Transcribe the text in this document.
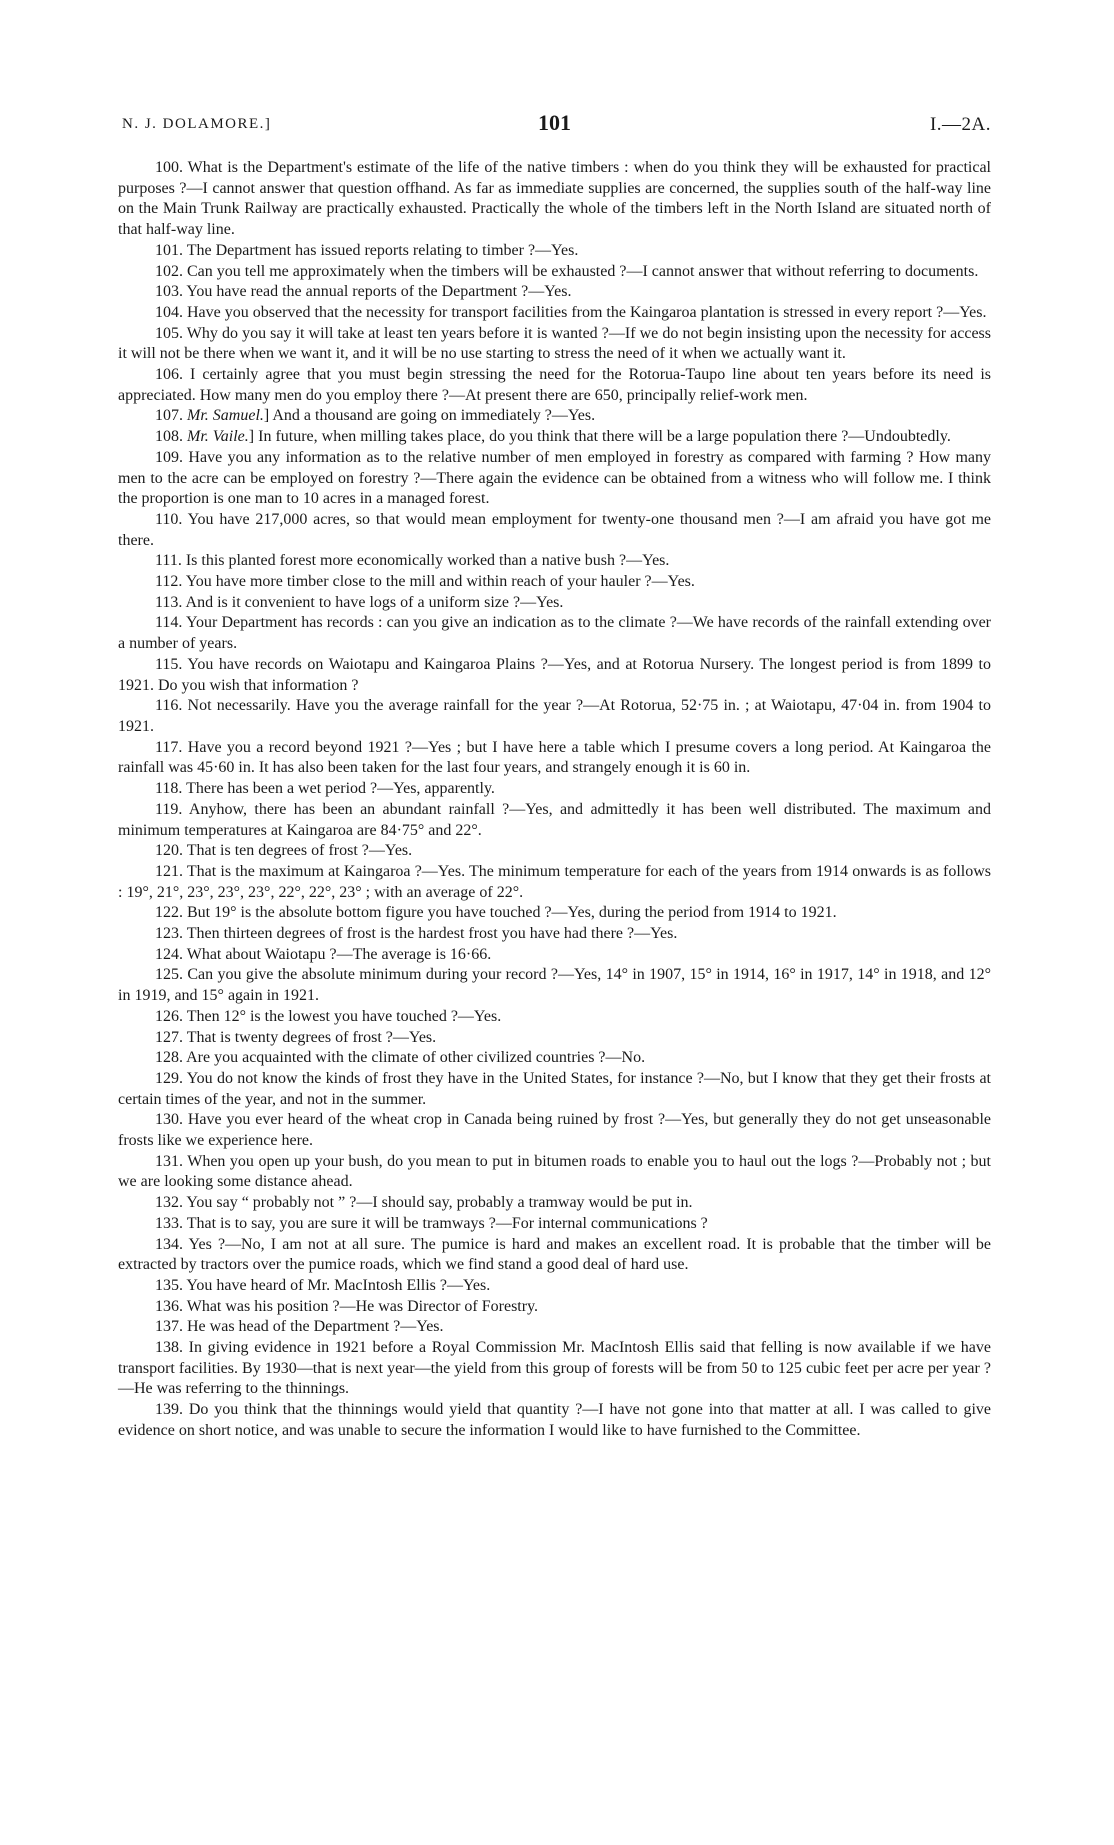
N. J. DOLAMORE.]	101	I.—2A.

100. What is the Department's estimate of the life of the native timbers : when do you think they will be exhausted for practical purposes ?—I cannot answer that question offhand. As far as immediate supplies are concerned, the supplies south of the half-way line on the Main Trunk Railway are practically exhausted. Practically the whole of the timbers left in the North Island are situated north of that half-way line.

101. The Department has issued reports relating to timber ?—Yes.

102. Can you tell me approximately when the timbers will be exhausted ?—I cannot answer that without referring to documents.

103. You have read the annual reports of the Department ?—Yes.

104. Have you observed that the necessity for transport facilities from the Kaingaroa plantation is stressed in every report ?—Yes.

105. Why do you say it will take at least ten years before it is wanted ?—If we do not begin insisting upon the necessity for access it will not be there when we want it, and it will be no use starting to stress the need of it when we actually want it.

106. I certainly agree that you must begin stressing the need for the Rotorua-Taupo line about ten years before its need is appreciated. How many men do you employ there ?—At present there are 650, principally relief-work men.

107. Mr. Samuel.] And a thousand are going on immediately ?—Yes.

108. Mr. Vaile.] In future, when milling takes place, do you think that there will be a large population there ?—Undoubtedly.

109. Have you any information as to the relative number of men employed in forestry as compared with farming ? How many men to the acre can be employed on forestry ?—There again the evidence can be obtained from a witness who will follow me. I think the proportion is one man to 10 acres in a managed forest.

110. You have 217,000 acres, so that would mean employment for twenty-one thousand men ?—I am afraid you have got me there.

111. Is this planted forest more economically worked than a native bush ?—Yes.

112. You have more timber close to the mill and within reach of your hauler ?—Yes.

113. And is it convenient to have logs of a uniform size ?—Yes.

114. Your Department has records : can you give an indication as to the climate ?—We have records of the rainfall extending over a number of years.

115. You have records on Waiotapu and Kaingaroa Plains ?—Yes, and at Rotorua Nursery. The longest period is from 1899 to 1921. Do you wish that information ?

116. Not necessarily. Have you the average rainfall for the year ?—At Rotorua, 52·75 in. ; at Waiotapu, 47·04 in. from 1904 to 1921.

117. Have you a record beyond 1921 ?—Yes ; but I have here a table which I presume covers a long period. At Kaingaroa the rainfall was 45·60 in. It has also been taken for the last four years, and strangely enough it is 60 in.

118. There has been a wet period ?—Yes, apparently.

119. Anyhow, there has been an abundant rainfall ?—Yes, and admittedly it has been well distributed. The maximum and minimum temperatures at Kaingaroa are 84·75° and 22°.

120. That is ten degrees of frost ?—Yes.

121. That is the maximum at Kaingaroa ?—Yes. The minimum temperature for each of the years from 1914 onwards is as follows : 19°, 21°, 23°, 23°, 23°, 22°, 22°, 23° ; with an average of 22°.

122. But 19° is the absolute bottom figure you have touched ?—Yes, during the period from 1914 to 1921.

123. Then thirteen degrees of frost is the hardest frost you have had there ?—Yes.

124. What about Waiotapu ?—The average is 16·66.

125. Can you give the absolute minimum during your record ?—Yes, 14° in 1907, 15° in 1914, 16° in 1917, 14° in 1918, and 12° in 1919, and 15° again in 1921.

126. Then 12° is the lowest you have touched ?—Yes.

127. That is twenty degrees of frost ?—Yes.

128. Are you acquainted with the climate of other civilized countries ?—No.

129. You do not know the kinds of frost they have in the United States, for instance ?—No, but I know that they get their frosts at certain times of the year, and not in the summer.

130. Have you ever heard of the wheat crop in Canada being ruined by frost ?—Yes, but generally they do not get unseasonable frosts like we experience here.

131. When you open up your bush, do you mean to put in bitumen roads to enable you to haul out the logs ?—Probably not ; but we are looking some distance ahead.

132. You say “ probably not ” ?—I should say, probably a tramway would be put in.

133. That is to say, you are sure it will be tramways ?—For internal communications ?

134. Yes ?—No, I am not at all sure. The pumice is hard and makes an excellent road. It is probable that the timber will be extracted by tractors over the pumice roads, which we find stand a good deal of hard use.

135. You have heard of Mr. MacIntosh Ellis ?—Yes.

136. What was his position ?—He was Director of Forestry.

137. He was head of the Department ?—Yes.

138. In giving evidence in 1921 before a Royal Commission Mr. MacIntosh Ellis said that felling is now available if we have transport facilities. By 1930—that is next year—the yield from this group of forests will be from 50 to 125 cubic feet per acre per year ?—He was referring to the thinnings.

139. Do you think that the thinnings would yield that quantity ?—I have not gone into that matter at all. I was called to give evidence on short notice, and was unable to secure the information I would like to have furnished to the Committee.
